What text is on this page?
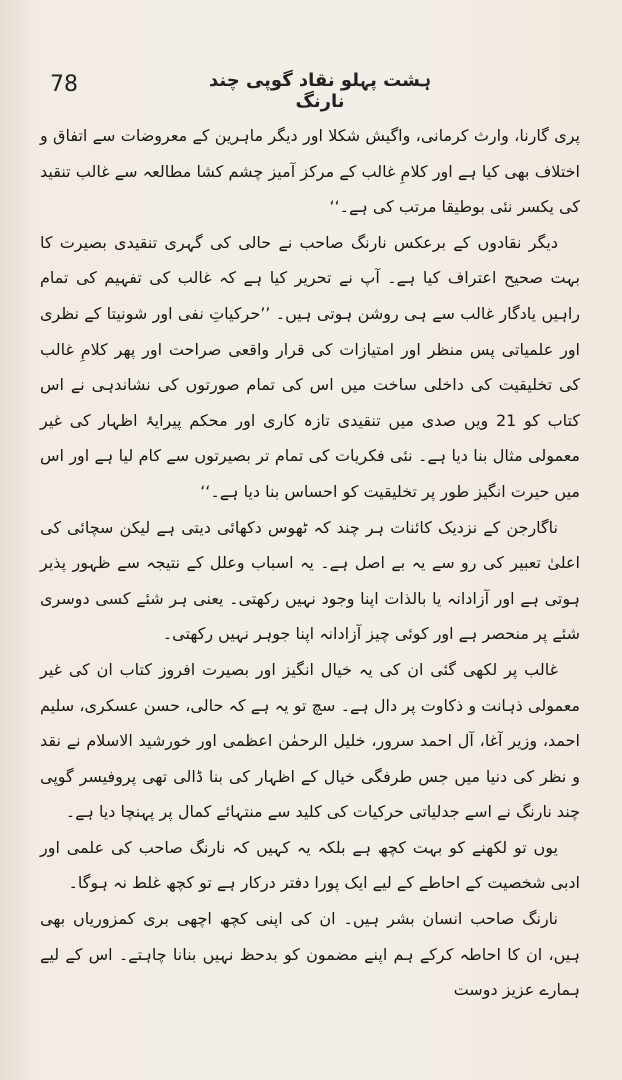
78	ہشت پہلو نقاد گوپی چند نارنگ

پری گارنا، وارث کرمانی، واگیش شکلا اور دیگر ماہرین کے معروضات سے اتفاق و اختلاف بھی کیا ہے اور کلامِ غالب کے مرکز آمیز چشم کشا مطالعہ سے غالب تنقید کی یکسر نئی بوطیقا مرتب کی ہے۔‘‘

دیگر نقادوں کے برعکس نارنگ صاحب نے حالی کی گہری تنقیدی بصیرت کا بہت صحیح اعتراف کیا ہے۔ آپ نے تحریر کیا ہے کہ غالب کی تفہیم کی تمام راہیں یادگار غالب سے ہی روشن ہوتی ہیں۔ ’’حرکیاتِ نفی اور شونیتا کے نظری اور علمیاتی پس منظر اور امتیازات کی قرار واقعی صراحت اور پھر کلامِ غالب کی تخلیقیت کی داخلی ساخت میں اس کی تمام صورتوں کی نشاندہی نے اس کتاب کو 21 ویں صدی میں تنقیدی تازہ کاری اور محکم پیرایۂ اظہار کی غیر معمولی مثال بنا دیا ہے۔ نئی فکریات کی تمام تر بصیرتوں سے کام لیا ہے اور اس میں حیرت انگیز طور پر تخلیقیت کو احساس بنا دیا ہے۔‘‘

ناگارجن کے نزدیک کائنات ہر چند کہ ٹھوس دکھائی دیتی ہے لیکن سچائی کی اعلیٰ تعبیر کی رو سے یہ بے اصل ہے۔ یہ اسباب وعلل کے نتیجہ سے ظہور پذیر ہوتی ہے اور آزادانہ یا بالذات اپنا وجود نہیں رکھتی۔ یعنی ہر شئے کسی دوسری شئے پر منحصر ہے اور کوئی چیز آزادانہ اپنا جوہر نہیں رکھتی۔

غالب پر لکھی گئی ان کی یہ خیال انگیز اور بصیرت افروز کتاب ان کی غیر معمولی ذہانت و ذکاوت پر دال ہے۔ سچ تو یہ ہے کہ حالی، حسن عسکری، سلیم احمد، وزیر آغا، آل احمد سرور، خلیل الرحمٰن اعظمی اور خورشید الاسلام نے نقد و نظر کی دنیا میں جس طرفگی خیال کے اظہار کی بنا ڈالی تھی پروفیسر گوپی چند نارنگ نے اسے جدلیاتی حرکیات کی کلید سے منتہائے کمال پر پہنچا دیا ہے۔

یوں تو لکھنے کو بہت کچھ ہے بلکہ یہ کہیں کہ نارنگ صاحب کی علمی اور ادبی شخصیت کے احاطے کے لیے ایک پورا دفتر درکار ہے تو کچھ غلط نہ ہوگا۔

نارنگ صاحب انسان بشر ہیں۔ ان کی اپنی کچھ اچھی بری کمزوریاں بھی ہیں، ان کا احاطہ کرکے ہم اپنے مضمون کو بدحظ نہیں بنانا چاہتے۔ اس کے لیے ہمارے عزیز دوست
